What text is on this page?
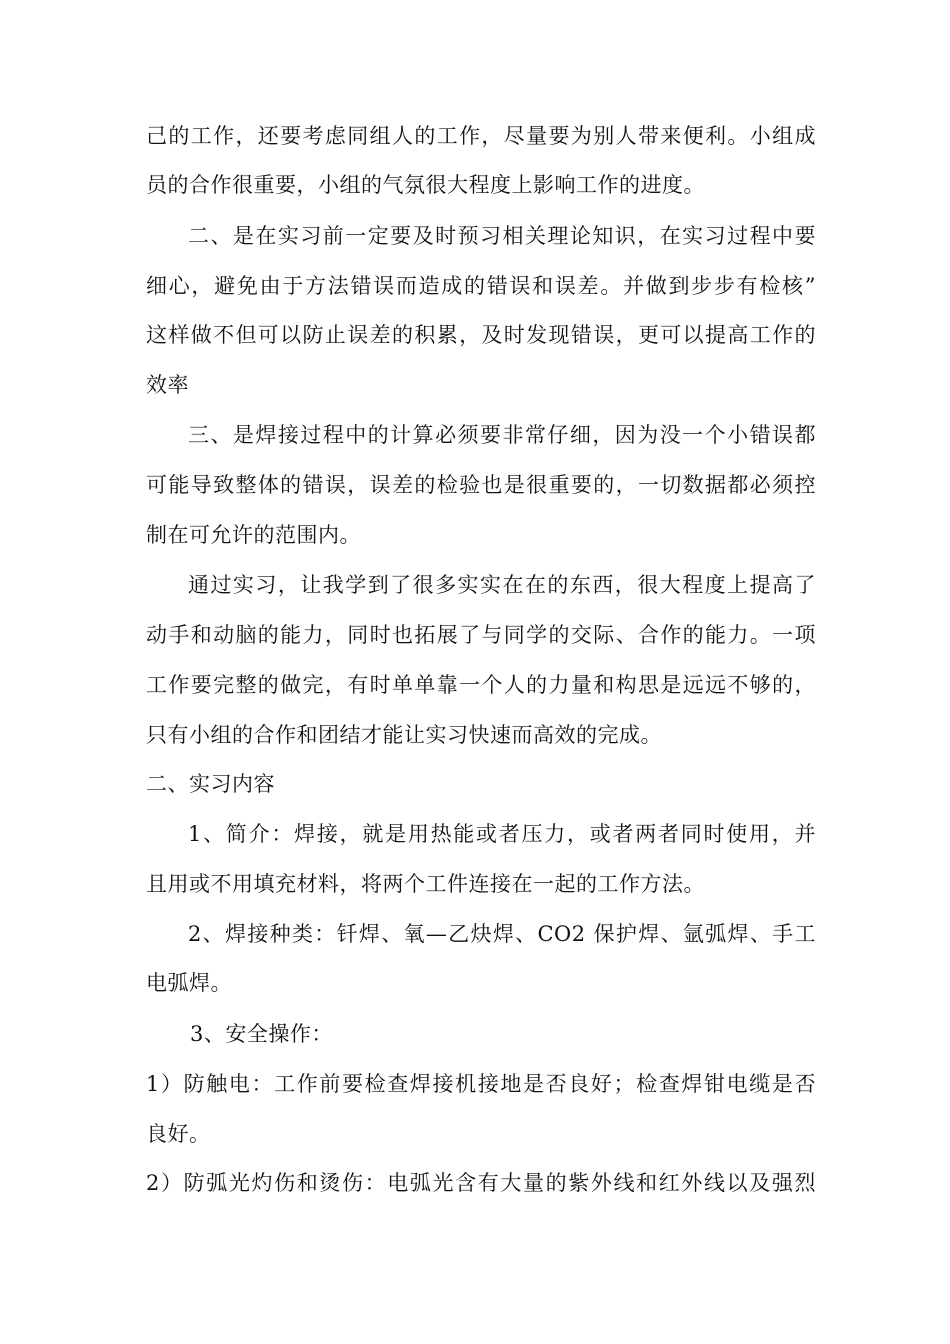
己的工作，还要考虑同组人的工作，尽量要为别人带来便利。小组成
员的合作很重要，小组的气氛很大程度上影响工作的进度。
二、是在实习前一定要及时预习相关理论知识，在实习过程中要
细心，避免由于方法错误而造成的错误和误差。并做到步步有检核”
这样做不但可以防止误差的积累，及时发现错误，更可以提高工作的
效率
三、是焊接过程中的计算必须要非常仔细，因为没一个小错误都
可能导致整体的错误，误差的检验也是很重要的，一切数据都必须控
制在可允许的范围内。
通过实习，让我学到了很多实实在在的东西，很大程度上提高了
动手和动脑的能力，同时也拓展了与同学的交际、合作的能力。一项
工作要完整的做完，有时单单靠一个人的力量和构思是远远不够的，
只有小组的合作和团结才能让实习快速而高效的完成。
二、实习内容
1、简介：焊接，就是用热能或者压力，或者两者同时使用，并
且用或不用填充材料，将两个工件连接在一起的工作方法。
2、焊接种类：钎焊、氧—乙炔焊、CO2 保护焊、氩弧焊、手工
电弧焊。
3、安全操作：
1）防触电：工作前要检查焊接机接地是否良好；检查焊钳电缆是否
良好。
2）防弧光灼伤和烫伤：电弧光含有大量的紫外线和红外线以及强烈
